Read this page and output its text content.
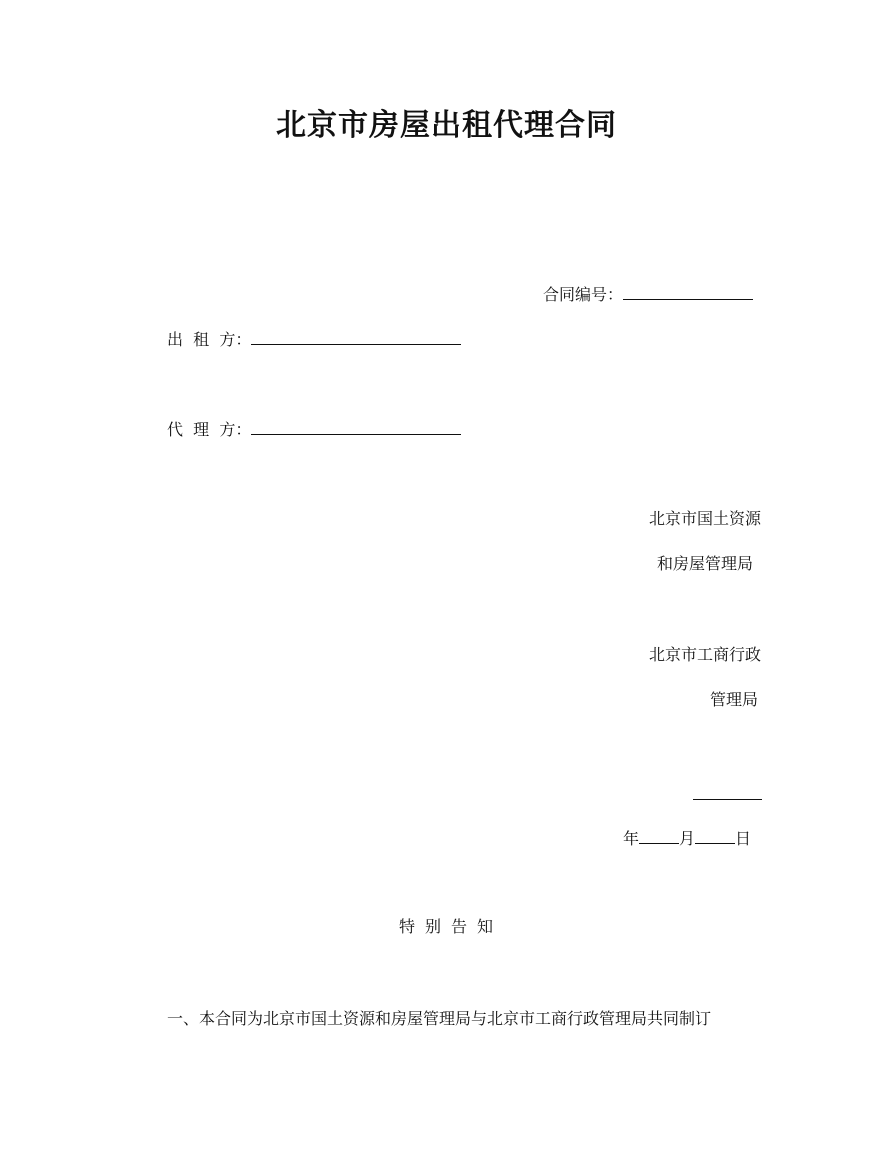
北京市房屋出租代理合同
合同编号：
出  租  方：
代  理  方：
北京市国土资源
和房屋管理局
北京市工商行政
管理局
年	月	日
特别告知
一、本合同为北京市国土资源和房屋管理局与北京市工商行政管理局共同制订
